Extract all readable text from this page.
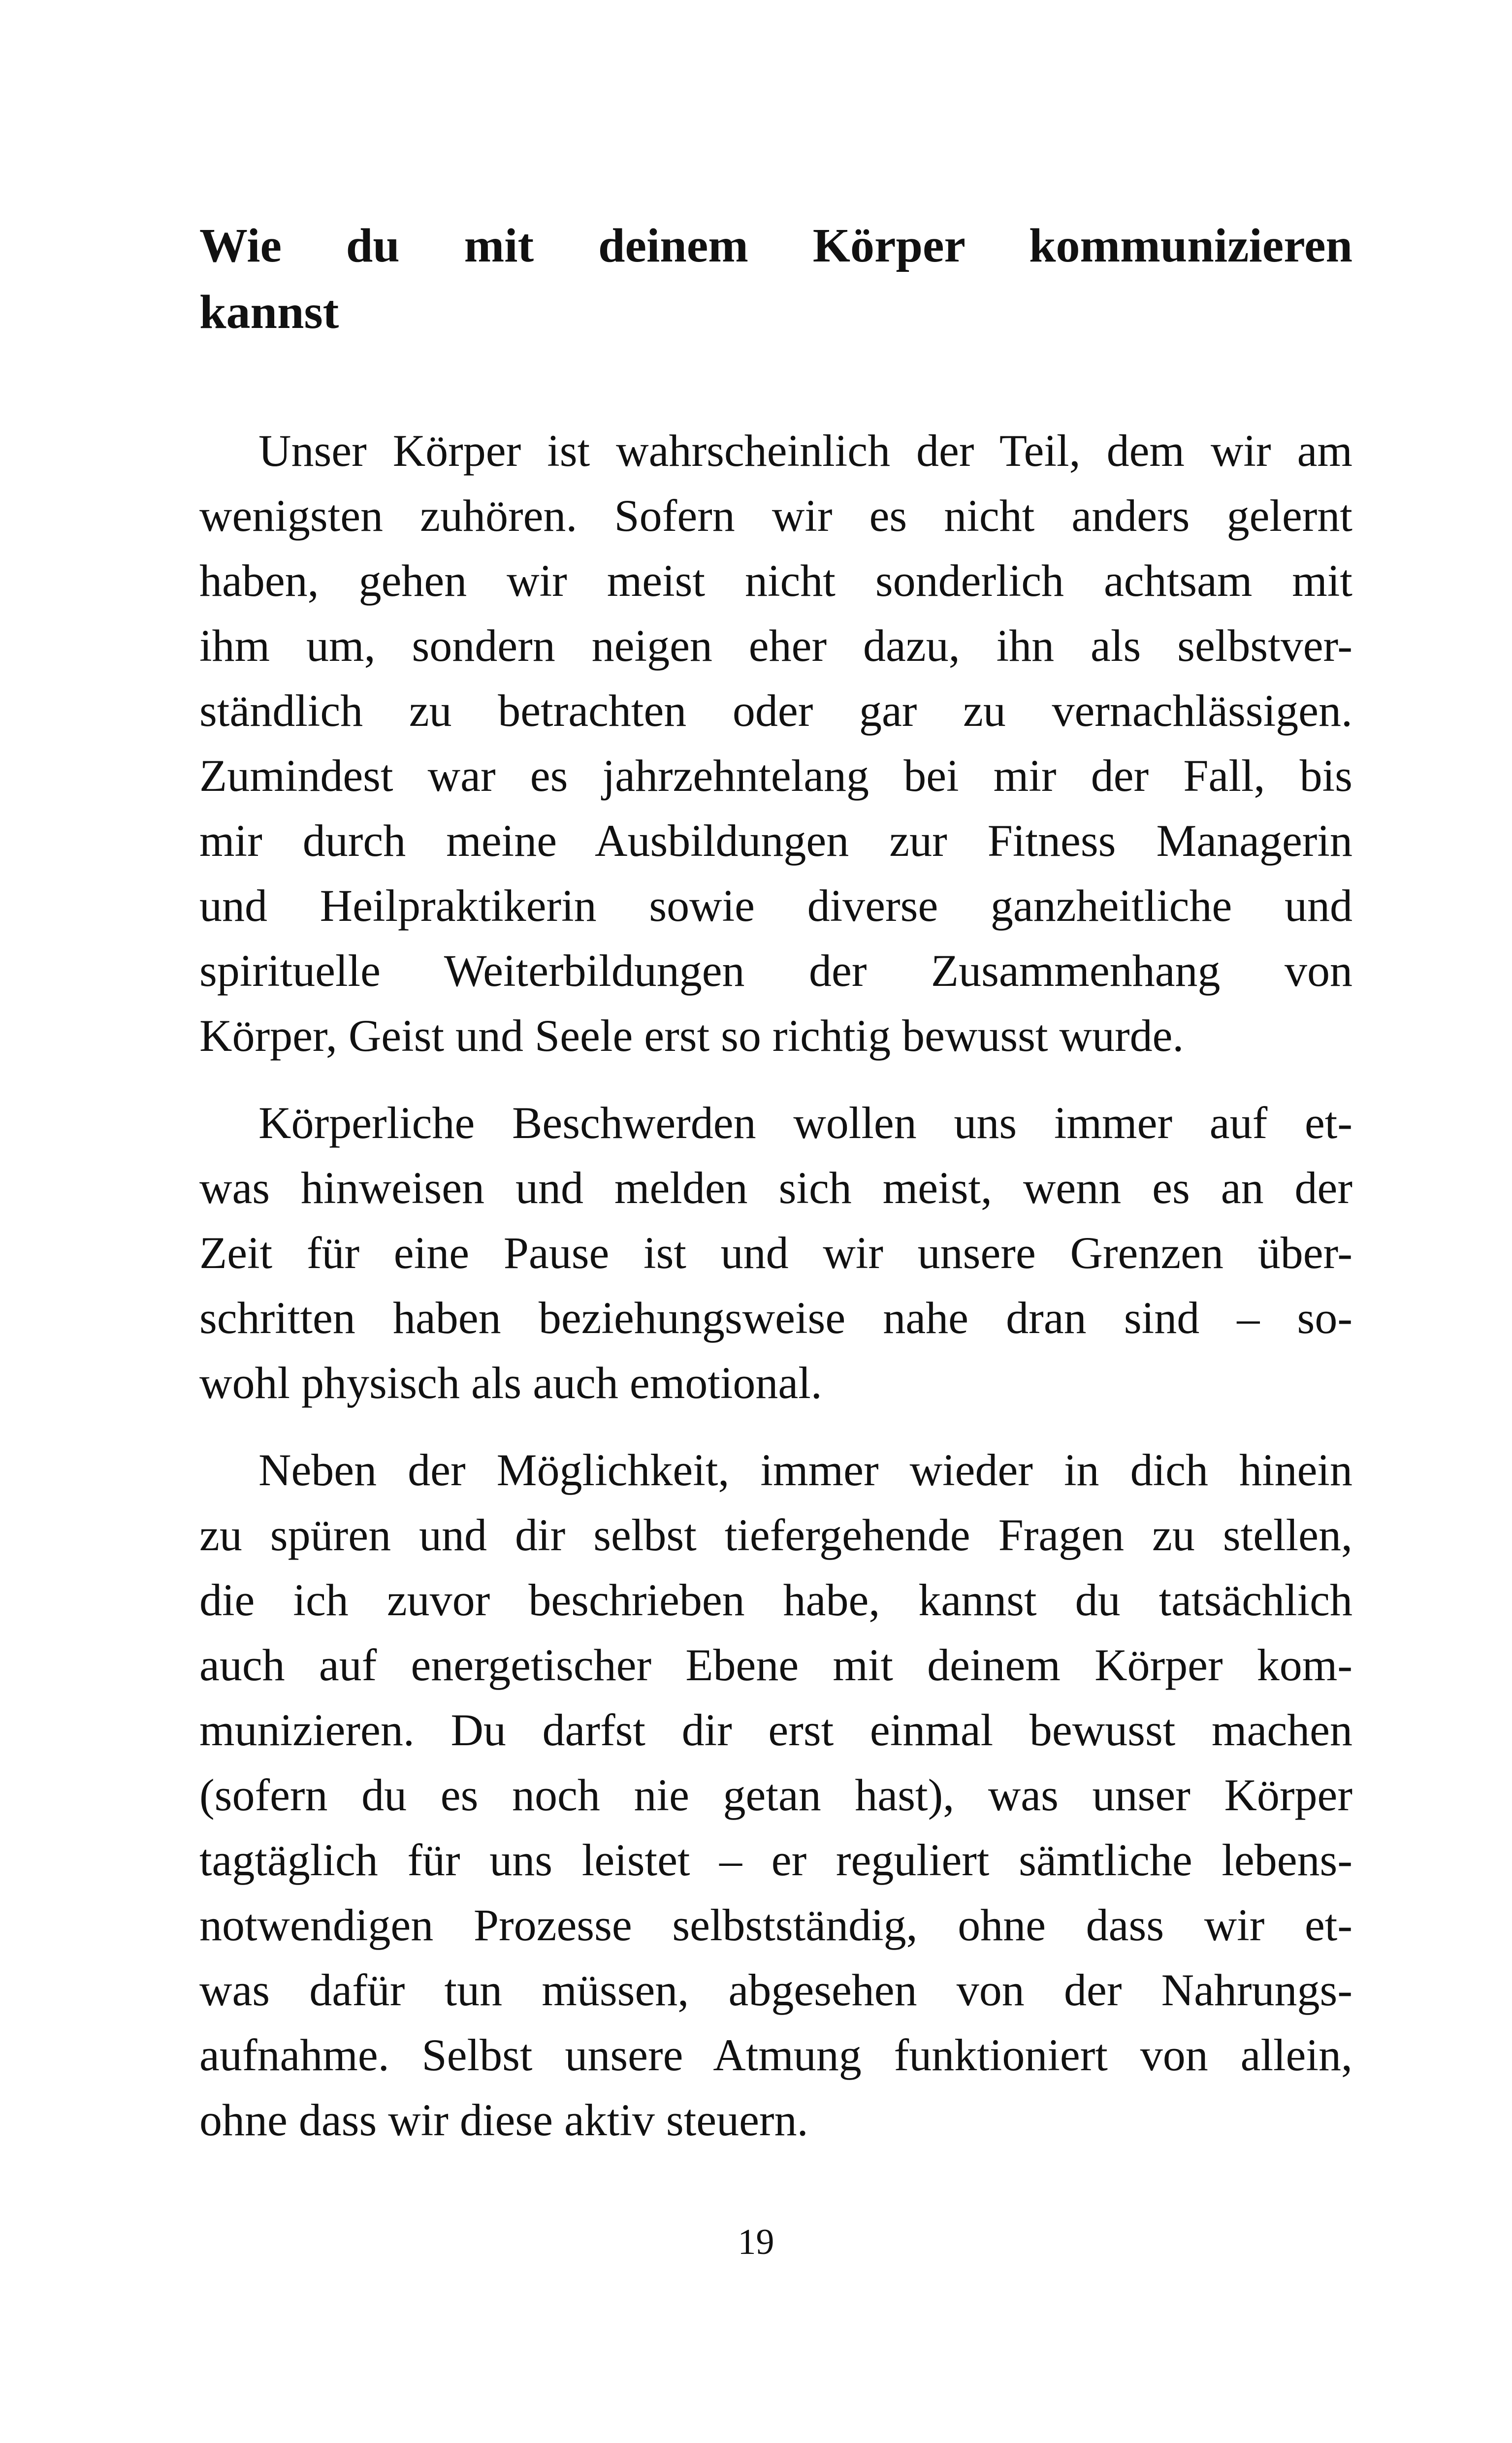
Wie du mit deinem Körper kommunizieren
kannst

Unser Körper ist wahrscheinlich der Teil, dem wir am
wenigsten zuhören. Sofern wir es nicht anders gelernt
haben, gehen wir meist nicht sonderlich achtsam mit
ihm um, sondern neigen eher dazu, ihn als selbstver-
ständlich zu betrachten oder gar zu vernachlässigen.
Zumindest war es jahrzehntelang bei mir der Fall, bis
mir durch meine Ausbildungen zur Fitness Managerin
und Heilpraktikerin sowie diverse ganzheitliche und
spirituelle Weiterbildungen der Zusammenhang von
Körper, Geist und Seele erst so richtig bewusst wurde.

Körperliche Beschwerden wollen uns immer auf et-
was hinweisen und melden sich meist, wenn es an der
Zeit für eine Pause ist und wir unsere Grenzen über-
schritten haben beziehungsweise nahe dran sind – so-
wohl physisch als auch emotional.

Neben der Möglichkeit, immer wieder in dich hinein
zu spüren und dir selbst tiefergehende Fragen zu stellen,
die ich zuvor beschrieben habe, kannst du tatsächlich
auch auf energetischer Ebene mit deinem Körper kom-
munizieren. Du darfst dir erst einmal bewusst machen
(sofern du es noch nie getan hast), was unser Körper
tagtäglich für uns leistet – er reguliert sämtliche lebens-
notwendigen Prozesse selbstständig, ohne dass wir et-
was dafür tun müssen, abgesehen von der Nahrungs-
aufnahme. Selbst unsere Atmung funktioniert von allein,
ohne dass wir diese aktiv steuern.

19
